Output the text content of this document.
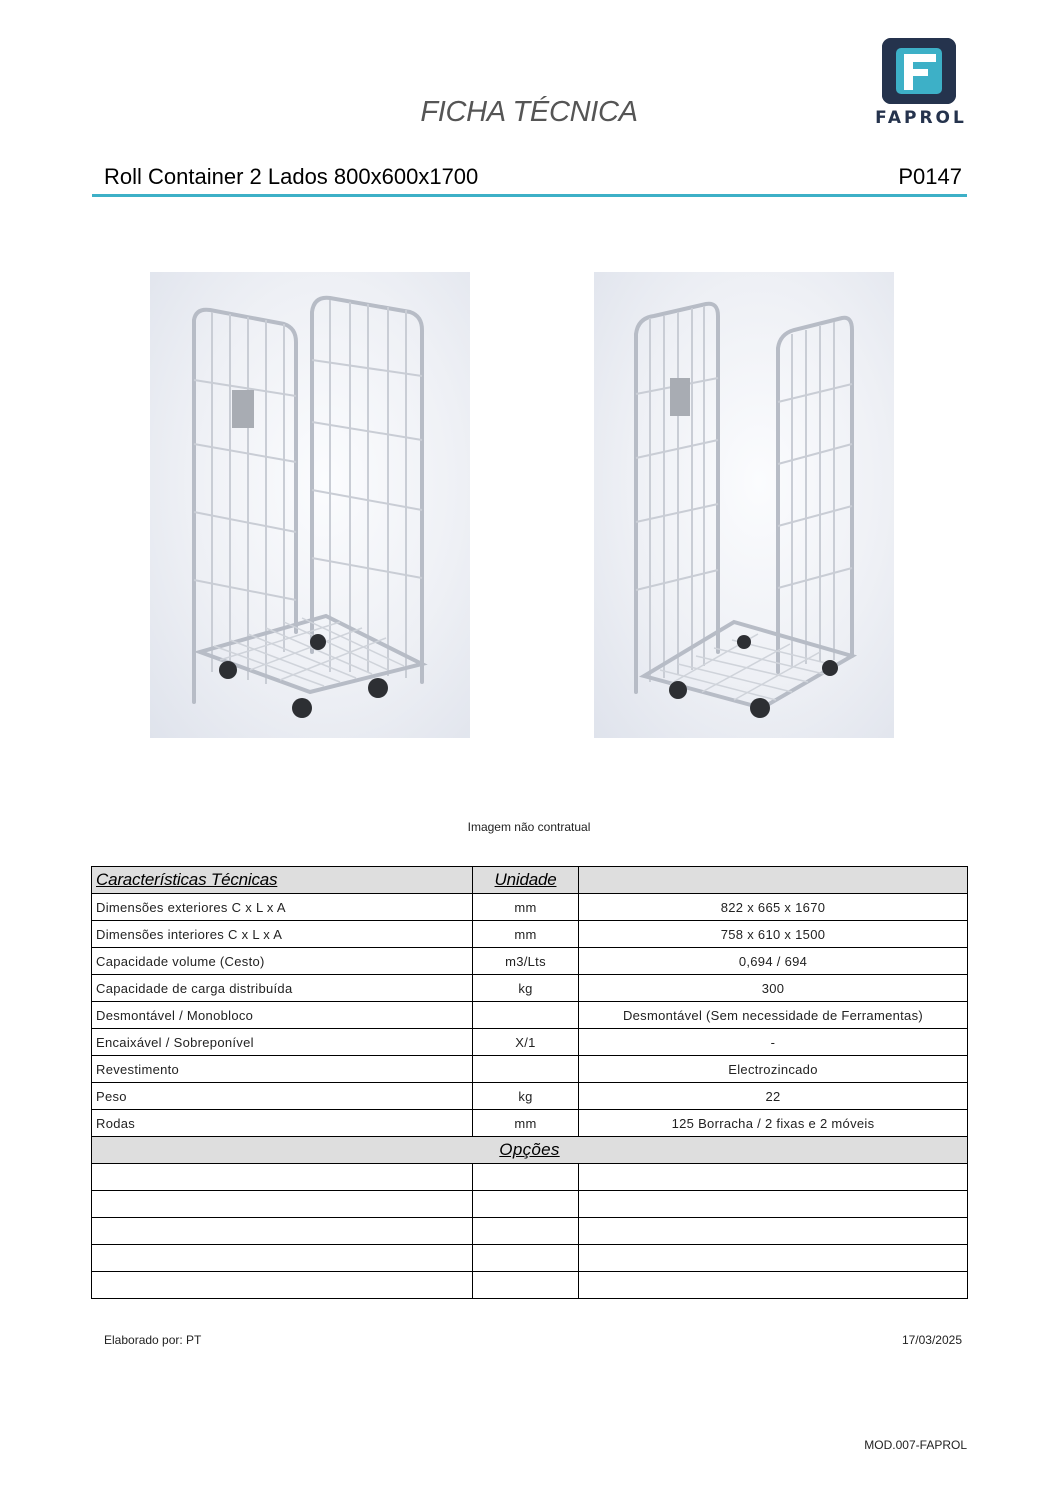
FAPROL
FICHA TÉCNICA
Roll Container 2 Lados 800x600x1700	P0147
Imagem não contratual
Características Técnicas	Unidade	
Dimensões exteriores C x L x A	mm	822 x 665 x 1670
Dimensões interiores C x L x A	mm	758 x 610 x 1500
Capacidade volume (Cesto)	m3/Lts	0,694 / 694
Capacidade de carga distribuída	kg	300
Desmontável / Monobloco		Desmontável (Sem necessidade de Ferramentas)
Encaixável / Sobreponível	X/1	-
Revestimento		Electrozincado
Peso	kg	22
Rodas	mm	125 Borracha / 2 fixas e 2 móveis
Opções		

Elaborado por: PT	17/03/2025
MOD.007-FAPROL
